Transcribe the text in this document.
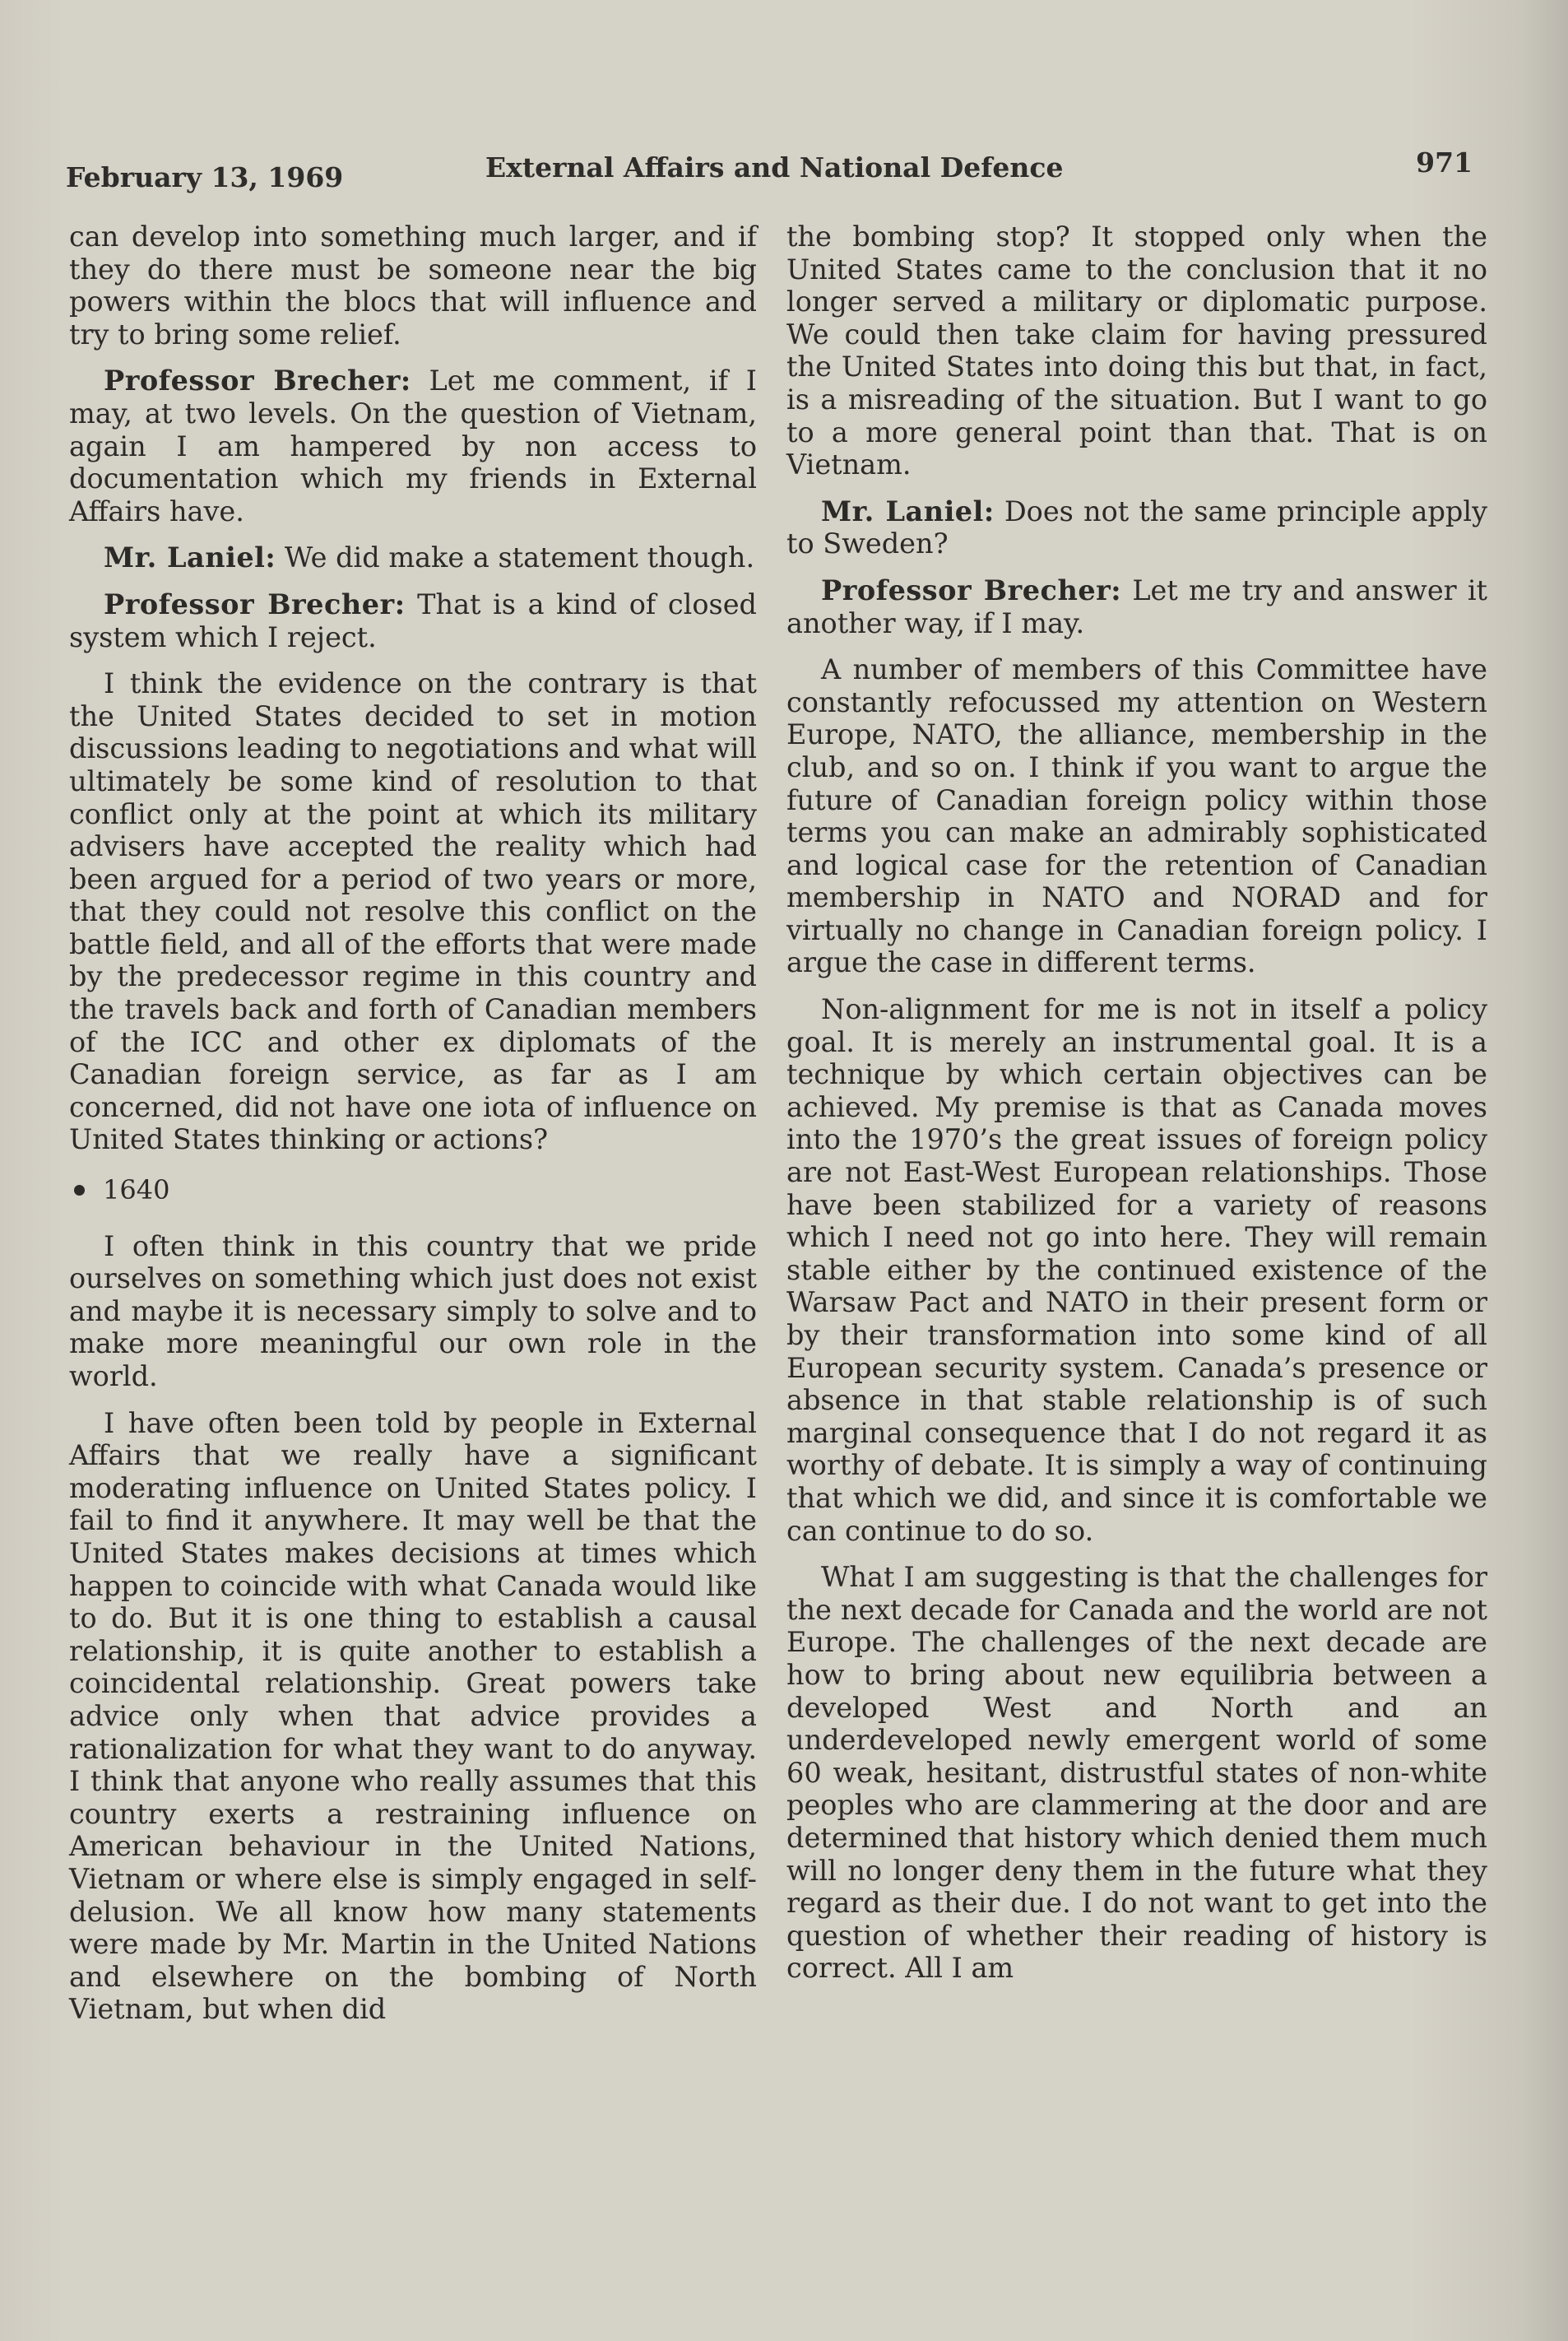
February 13, 1969	External Affairs and National Defence	971

can develop into something much larger, and if they do there must be someone near the big powers within the blocs that will influence and try to bring some relief.

Professor Brecher: Let me comment, if I may, at two levels. On the question of Vietnam, again I am hampered by non access to documentation which my friends in External Affairs have.

Mr. Laniel: We did make a statement though.

Professor Brecher: That is a kind of closed system which I reject.

I think the evidence on the contrary is that the United States decided to set in motion discussions leading to negotiations and what will ultimately be some kind of resolution to that conflict only at the point at which its military advisers have accepted the reality which had been argued for a period of two years or more, that they could not resolve this conflict on the battle field, and all of the efforts that were made by the predecessor regime in this country and the travels back and forth of Canadian members of the ICC and other ex diplomats of the Canadian foreign service, as far as I am concerned, did not have one iota of influence on United States thinking or actions?

1640

I often think in this country that we pride ourselves on something which just does not exist and maybe it is necessary simply to solve and to make more meaningful our own role in the world.

I have often been told by people in External Affairs that we really have a significant moderating influence on United States policy. I fail to find it anywhere. It may well be that the United States makes decisions at times which happen to coincide with what Canada would like to do. But it is one thing to establish a causal relationship, it is quite another to establish a coincidental relationship. Great powers take advice only when that advice provides a rationalization for what they want to do anyway. I think that anyone who really assumes that this country exerts a restraining influence on American behaviour in the United Nations, Vietnam or where else is simply engaged in self-delusion. We all know how many statements were made by Mr. Martin in the United Nations and elsewhere on the bombing of North Vietnam, but when did

the bombing stop? It stopped only when the United States came to the conclusion that it no longer served a military or diplomatic purpose. We could then take claim for having pressured the United States into doing this but that, in fact, is a misreading of the situation. But I want to go to a more general point than that. That is on Vietnam.

Mr. Laniel: Does not the same principle apply to Sweden?

Professor Brecher: Let me try and answer it another way, if I may.

A number of members of this Committee have constantly refocussed my attention on Western Europe, NATO, the alliance, membership in the club, and so on. I think if you want to argue the future of Canadian foreign policy within those terms you can make an admirably sophisticated and logical case for the retention of Canadian membership in NATO and NORAD and for virtually no change in Canadian foreign policy. I argue the case in different terms.

Non-alignment for me is not in itself a policy goal. It is merely an instrumental goal. It is a technique by which certain objectives can be achieved. My premise is that as Canada moves into the 1970’s the great issues of foreign policy are not East-West European relationships. Those have been stabilized for a variety of reasons which I need not go into here. They will remain stable either by the continued existence of the Warsaw Pact and NATO in their present form or by their transformation into some kind of all European security system. Canada’s presence or absence in that stable relationship is of such marginal consequence that I do not regard it as worthy of debate. It is simply a way of continuing that which we did, and since it is comfortable we can continue to do so.

What I am suggesting is that the challenges for the next decade for Canada and the world are not Europe. The challenges of the next decade are how to bring about new equilibria between a developed West and North and an underdeveloped newly emergent world of some 60 weak, hesitant, distrustful states of non-white peoples who are clammering at the door and are determined that history which denied them much will no longer deny them in the future what they regard as their due. I do not want to get into the question of whether their reading of history is correct. All I am
